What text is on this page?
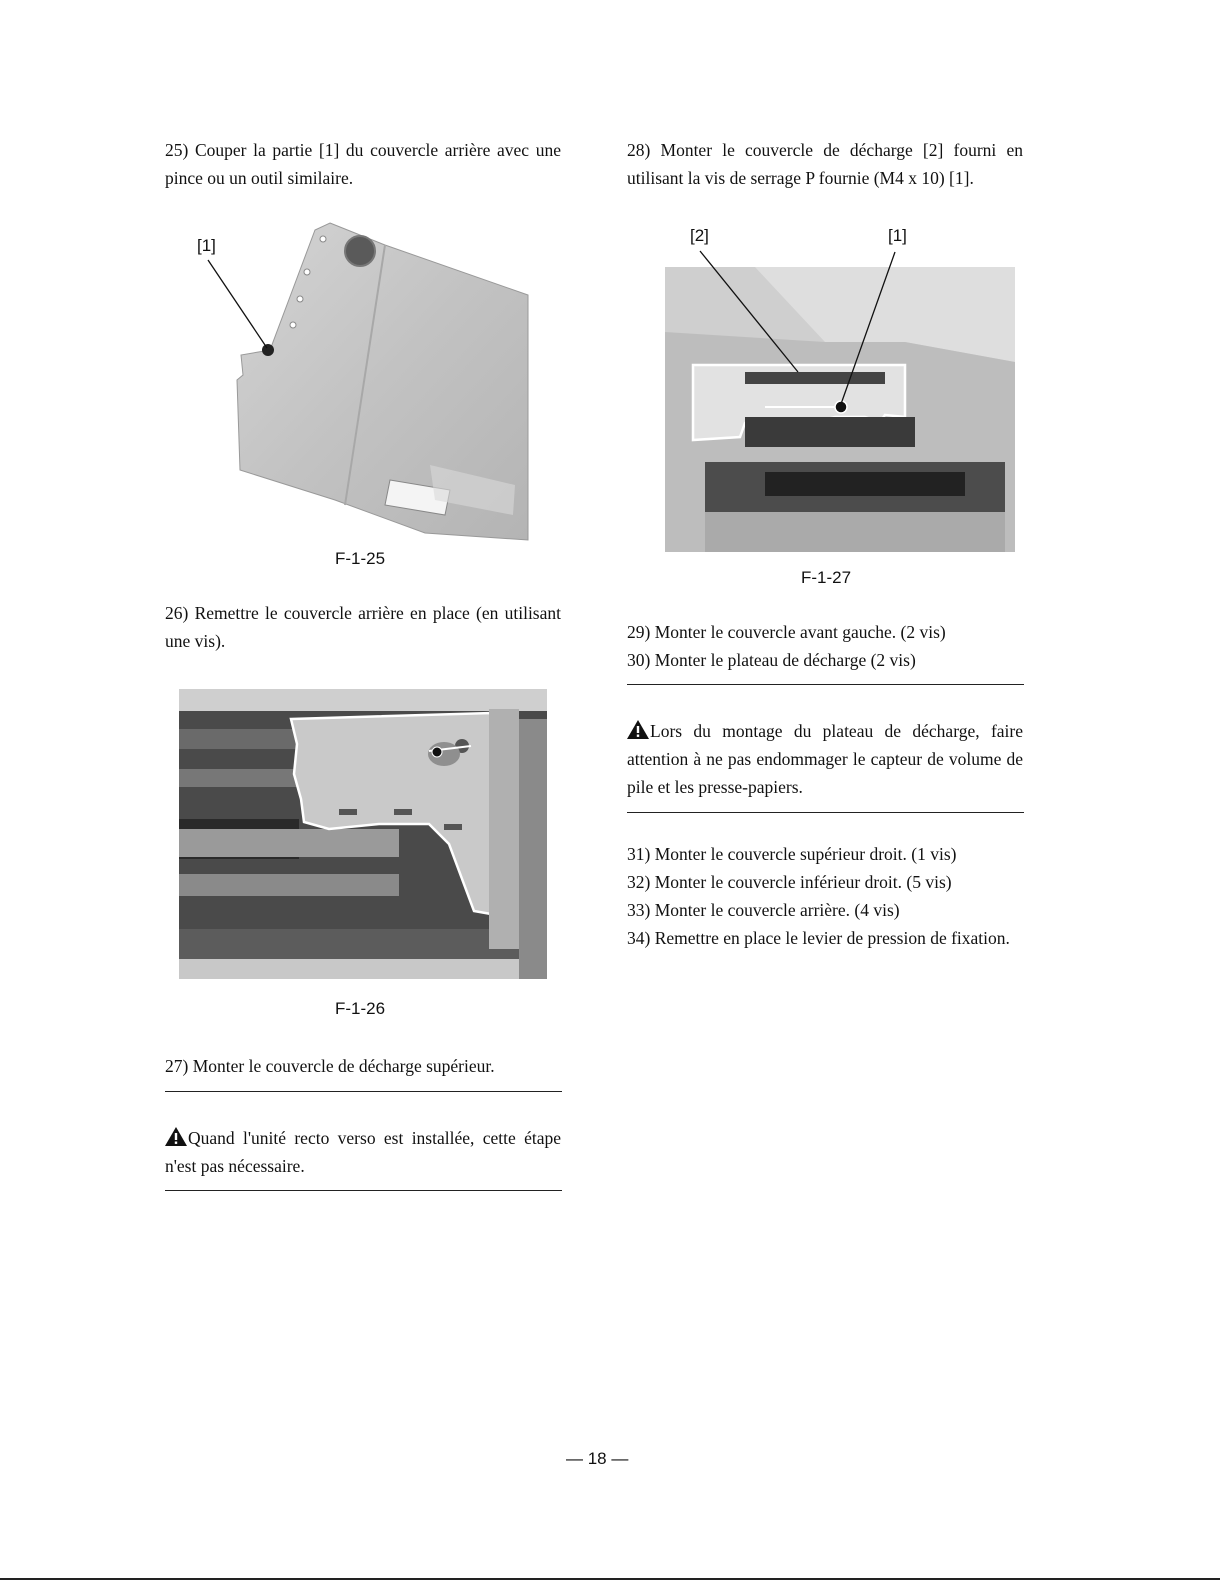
25) Couper la partie [1] du couvercle arrière avec une pince ou un outil similaire.

[1]
F-1-25

26) Remettre le couvercle arrière en place (en utilisant une vis).

F-1-26

27) Monter le couvercle de décharge supérieur.

Quand l'unité recto verso est installée, cette étape n'est pas nécessaire.

28) Monter le couvercle de décharge [2] fourni en utilisant la vis de serrage P fournie (M4 x 10) [1].

[2]	[1]
F-1-27

29) Monter le couvercle avant gauche. (2 vis)

30) Monter le plateau de décharge (2 vis)

Lors du montage du plateau de décharge, faire attention à ne pas endommager le capteur de volume de pile et les presse-papiers.

31) Monter le couvercle supérieur droit. (1 vis)

32) Monter le couvercle inférieur droit. (5 vis)

33) Monter le couvercle arrière. (4 vis)

34) Remettre en place le levier de pression de fixation.

— 18 —
